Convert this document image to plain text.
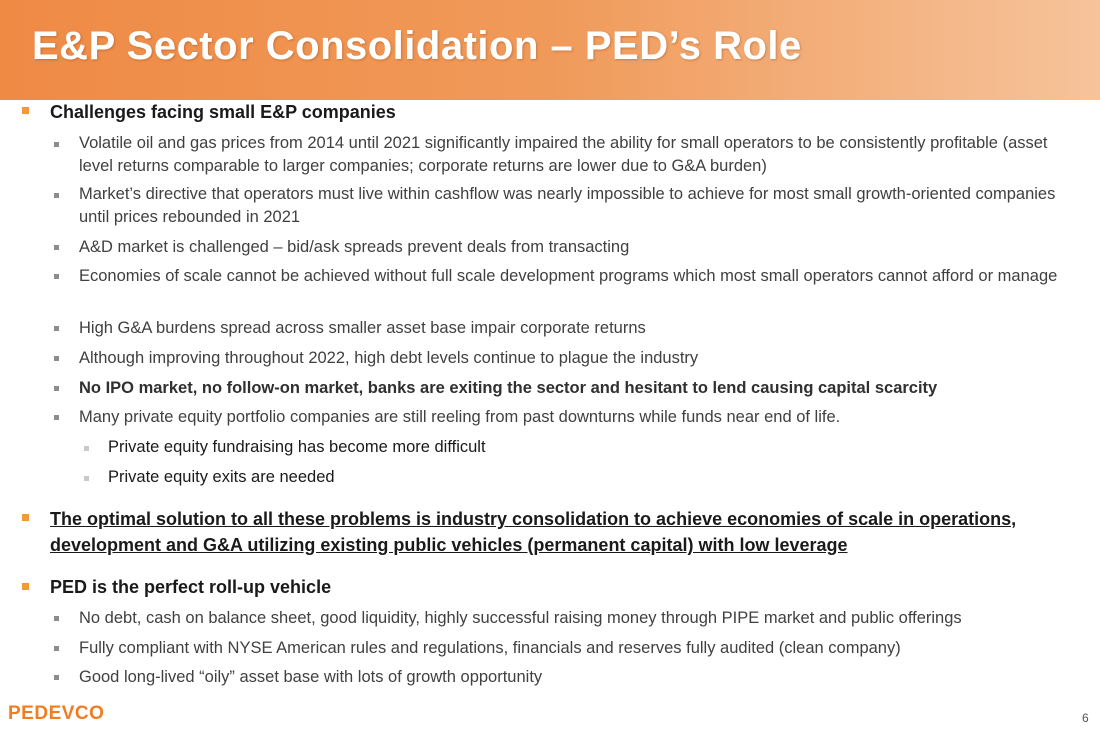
E&P Sector Consolidation – PED’s Role
Challenges facing small E&P companies
Volatile oil and gas prices from 2014 until 2021 significantly impaired the ability for small operators to be consistently profitable (asset level returns comparable to larger companies; corporate returns are lower due to G&A burden)
Market’s directive that operators must live within cashflow was nearly impossible to achieve for most small growth-oriented companies until prices rebounded in 2021
A&D market is challenged – bid/ask spreads prevent deals from transacting
Economies of scale cannot be achieved without full scale development programs which most small operators cannot afford or manage
High G&A burdens spread across smaller asset base impair corporate returns
Although improving throughout 2022, high debt levels continue to plague the industry
No IPO market, no follow-on market, banks are exiting the sector and hesitant to lend causing capital scarcity
Many private equity portfolio companies are still reeling from past downturns while funds near end of life.
Private equity fundraising has become more difficult
Private equity exits are needed
The optimal solution to all these problems is industry consolidation to achieve economies of scale in operations, development and G&A utilizing existing public vehicles (permanent capital) with low leverage
PED is the perfect roll-up vehicle
No debt, cash on balance sheet, good liquidity, highly successful raising money through PIPE market and public offerings
Fully compliant with NYSE American rules and regulations, financials and reserves fully audited (clean company)
Good long-lived “oily” asset base with lots of growth opportunity
PEDEVCO	6
